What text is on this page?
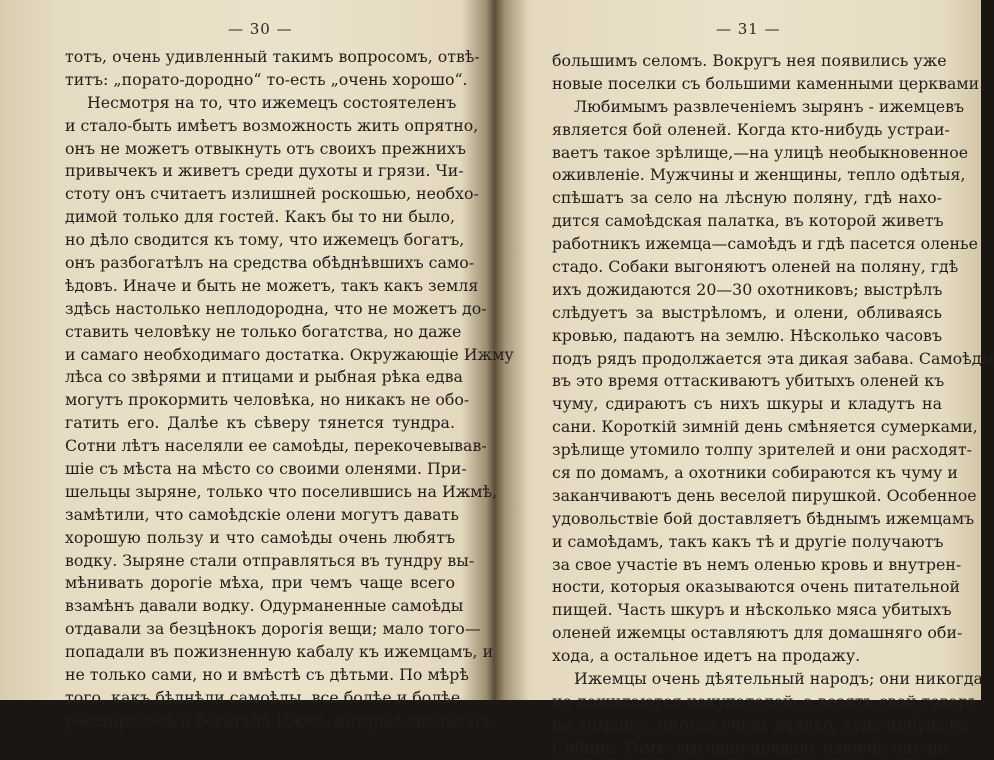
— 30 —
тотъ, очень удивленный такимъ вопросомъ, отвѣ-
титъ: „порато-дородно“ то-есть „очень хорошо“.
Несмотря на то, что ижемецъ состоятеленъ
и стало-быть имѣетъ возможность жить опрятно,
онъ не можетъ отвыкнуть отъ своихъ прежнихъ
привычекъ и живетъ среди духоты и грязи. Чи-
стоту онъ считаетъ излишней роскошью, необхо-
димой только для гостей. Какъ бы то ни было,
но дѣло сводится къ тому, что ижемецъ богатъ,
онъ разбогатѣлъ на средства обѣднѣвшихъ само-
ѣдовъ. Иначе и быть не можетъ, такъ какъ земля
здѣсь настолько неплодородна, что не можетъ до-
ставить человѣку не только богатства, но даже
и самаго необходимаго достатка. Окружающіе Ижму
лѣса со звѣрями и птицами и рыбная рѣка едва
могутъ прокормить человѣка, но никакъ не обо-
гатить его. Далѣе къ сѣверу тянется тундра.
Сотни лѣтъ населяли ее самоѣды, перекочевывав-
шіе съ мѣста на мѣсто со своими оленями. При-
шельцы зыряне, только что поселившись на Ижмѣ,
замѣтили, что самоѣдскіе олени могутъ давать
хорошую пользу и что самоѣды очень любятъ
водку. Зыряне стали отправляться въ тундру вы-
мѣнивать дорогіе мѣха, при чемъ чаще всего
взамѣнъ давали водку. Одурманенные самоѣды
отдавали за безцѣнокъ дорогія вещи; мало того—
попадали въ пожизненную кабалу къ ижемцамъ, и
не только сами, но и вмѣстѣ съ дѣтьми. По мѣрѣ
того, какъ бѣднѣли самоѣды, все болѣе и болѣе
расширялась и богатѣла Ижма, которая сдѣлалась
— 31 —
большимъ селомъ. Вокругъ нея появились уже
новые поселки съ большими каменными церквами.
Любимымъ развлеченіемъ зырянъ - ижемцевъ
является бой оленей. Когда кто-нибудь устраи-
ваетъ такое зрѣлище,—на улицѣ необыкновенное
оживленіе. Мужчины и женщины, тепло одѣтыя,
спѣшатъ за село на лѣсную поляну, гдѣ нахо-
дится самоѣдская палатка, въ которой живетъ
работникъ ижемца—самоѣдъ и гдѣ пасется оленье
стадо. Собаки выгоняютъ оленей на поляну, гдѣ
ихъ дожидаются 20—30 охотниковъ; выстрѣлъ
слѣдуетъ за выстрѣломъ, и олени, обливаясь
кровью, падаютъ на землю. Нѣсколько часовъ
подъ рядъ продолжается эта дикая забава. Самоѣды
въ это время оттаскиваютъ убитыхъ оленей къ
чуму, сдираютъ съ нихъ шкуры и кладутъ на
сани. Короткій зимній день смѣняется сумерками,
зрѣлище утомило толпу зрителей и они расходят-
ся по домамъ, а охотники собираются къ чуму и
заканчиваютъ день веселой пирушкой. Особенное
удовольствіе бой доставляетъ бѣднымъ ижемцамъ
и самоѣдамъ, такъ какъ тѣ и другіе получаютъ
за свое участіе въ немъ оленью кровь и внутрен-
ности, которыя оказываются очень питательной
пищей. Часть шкуръ и нѣсколько мяса убитыхъ
оленей ижемцы оставляютъ для домашняго оби-
хода, а остальное идетъ на продажу.
Ижемцы очень дѣятельный народъ; они никогда
не дожидаются цокупателей, а возятъ свой товаръ
на ярмарку, иногда очень далеко, куда-нибудь въ
Сибирь. Тамъ, выгодно продавъ оленей, онъ по-
